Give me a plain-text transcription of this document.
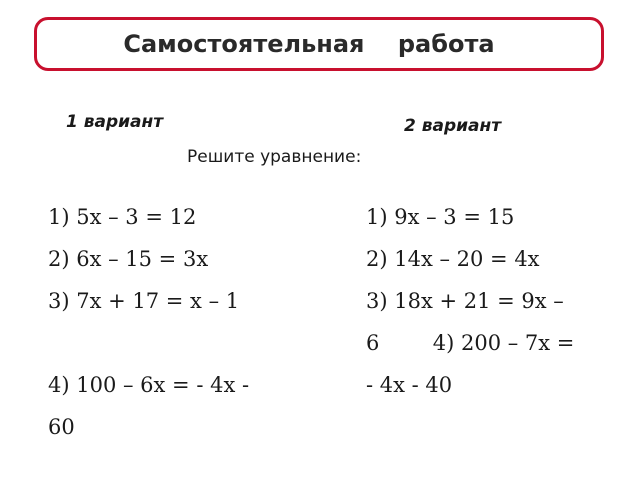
Самостоятельная    работа
1 вариант	2 вариант
Решите уравнение:
1) 5x – 3 = 12
2) 6x – 15 = 3x
3) 7x + 17 = x – 1
4) 100 – 6x = - 4x -
60
1) 9x – 3 = 15
2) 14x – 20 = 4x
3) 18x + 21 = 9x –
6        4) 200 – 7x =
- 4x - 40
